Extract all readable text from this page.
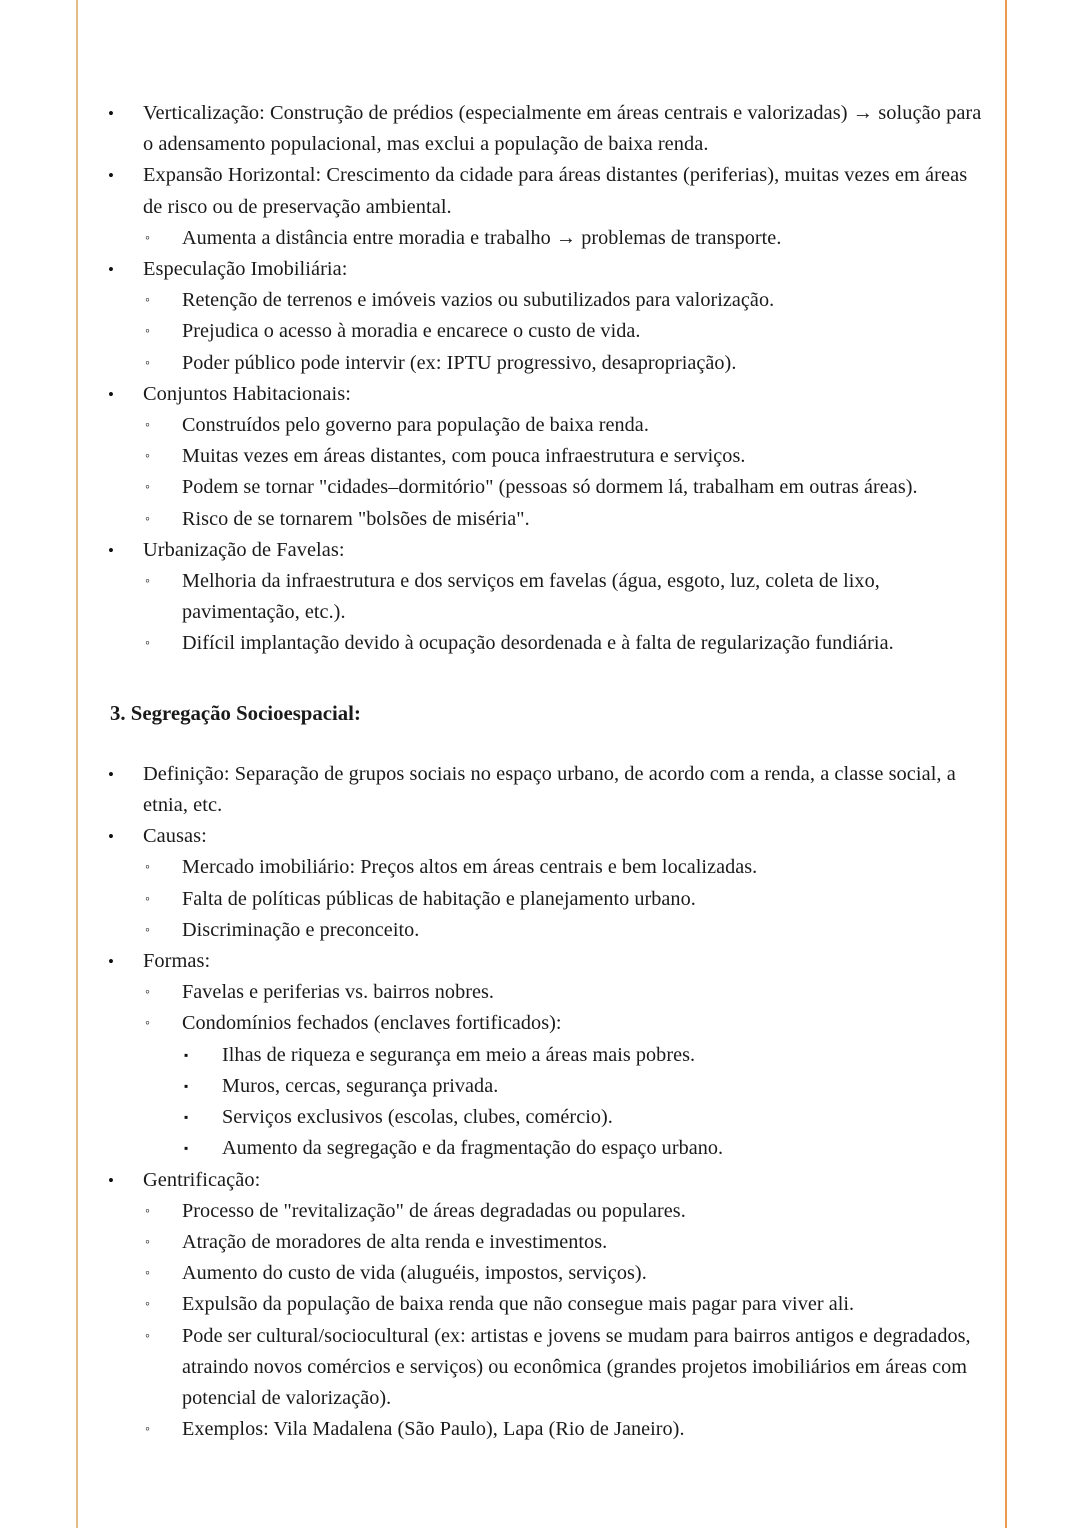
•	Verticalização: Construção de prédios (especialmente em áreas centrais e valorizadas) → solução para o adensamento populacional, mas exclui a população de baixa renda.
•	Expansão Horizontal: Crescimento da cidade para áreas distantes (periferias), muitas vezes em áreas de risco ou de preservação ambiental.
◦	Aumenta a distância entre moradia e trabalho → problemas de transporte.
•	Especulação Imobiliária:
◦	Retenção de terrenos e imóveis vazios ou subutilizados para valorização.
◦	Prejudica o acesso à moradia e encarece o custo de vida.
◦	Poder público pode intervir (ex: IPTU progressivo, desapropriação).
•	Conjuntos Habitacionais:
◦	Construídos pelo governo para população de baixa renda.
◦	Muitas vezes em áreas distantes, com pouca infraestrutura e serviços.
◦	Podem se tornar "cidades–dormitório" (pessoas só dormem lá, trabalham em outras áreas).
◦	Risco de se tornarem "bolsões de miséria".
•	Urbanização de Favelas:
◦	Melhoria da infraestrutura e dos serviços em favelas (água, esgoto, luz, coleta de lixo, pavimentação, etc.).
◦	Difícil implantação devido à ocupação desordenada e à falta de regularização fundiária.
3. Segregação Socioespacial:
•	Definição: Separação de grupos sociais no espaço urbano, de acordo com a renda, a classe social, a etnia, etc.
•	Causas:
◦	Mercado imobiliário: Preços altos em áreas centrais e bem localizadas.
◦	Falta de políticas públicas de habitação e planejamento urbano.
◦	Discriminação e preconceito.
•	Formas:
◦	Favelas e periferias vs. bairros nobres.
◦	Condomínios fechados (enclaves fortificados):
▪	Ilhas de riqueza e segurança em meio a áreas mais pobres.
▪	Muros, cercas, segurança privada.
▪	Serviços exclusivos (escolas, clubes, comércio).
▪	Aumento da segregação e da fragmentação do espaço urbano.
•	Gentrificação:
◦	Processo de "revitalização" de áreas degradadas ou populares.
◦	Atração de moradores de alta renda e investimentos.
◦	Aumento do custo de vida (aluguéis, impostos, serviços).
◦	Expulsão da população de baixa renda que não consegue mais pagar para viver ali.
◦	Pode ser cultural/sociocultural (ex: artistas e jovens se mudam para bairros antigos e degradados, atraindo novos comércios e serviços) ou econômica (grandes projetos imobiliários em áreas com potencial de valorização).
◦	Exemplos: Vila Madalena (São Paulo), Lapa (Rio de Janeiro).
